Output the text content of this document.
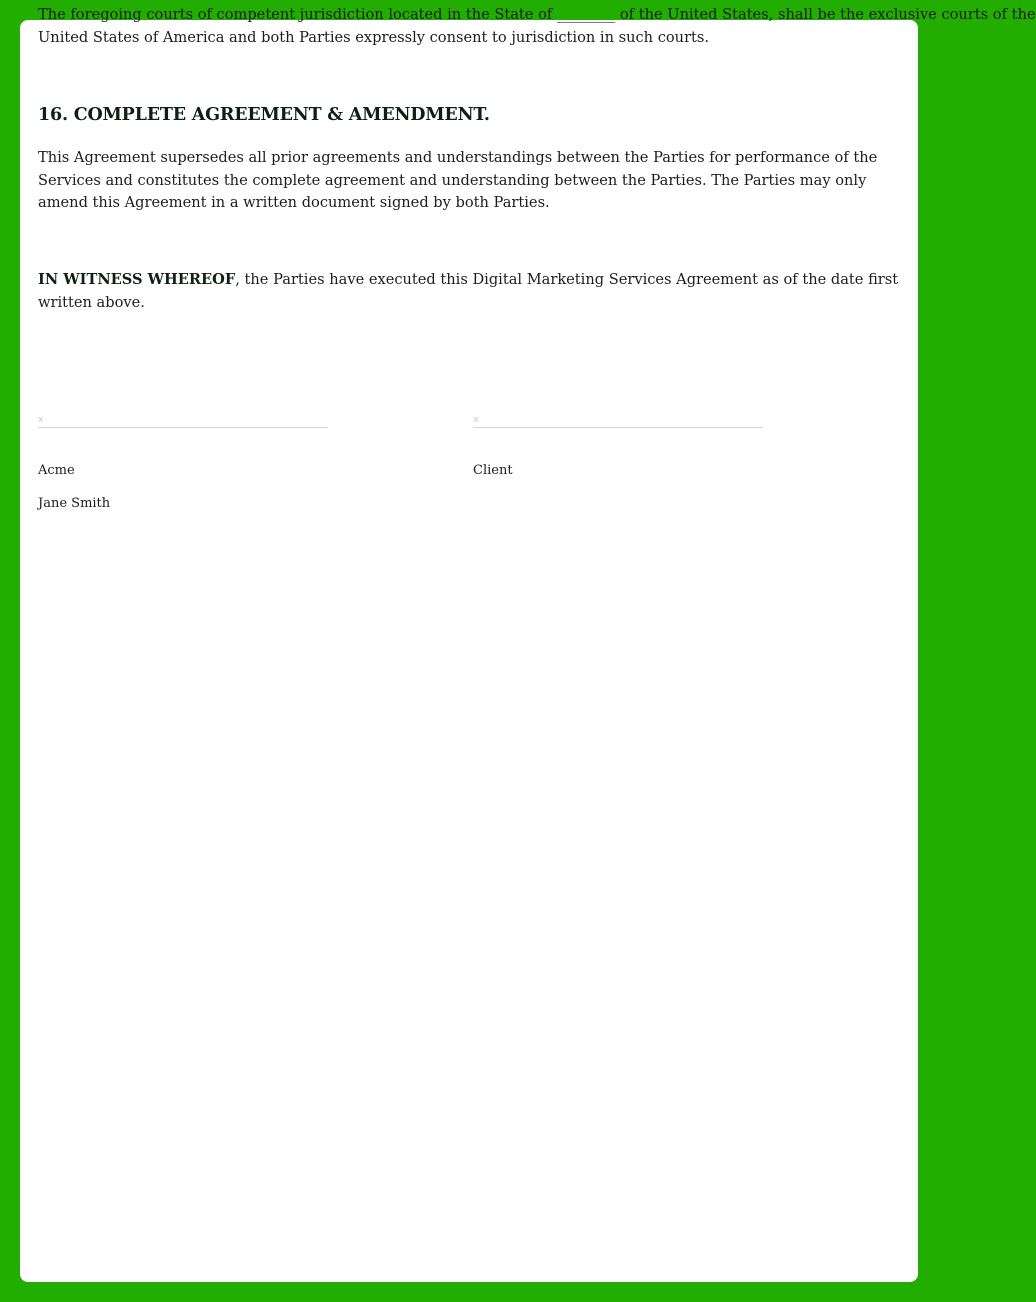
The foregoing courts of competent jurisdiction located in the State of ________ of the United States, shall be the exclusive courts of the

United States of America and both Parties expressly consent to jurisdiction in such courts.

16. COMPLETE AGREEMENT & AMENDMENT.

This Agreement supersedes all prior agreements and understandings between the Parties for performance of the Services and constitutes the complete agreement and understanding between the Parties. The Parties may only amend this Agreement in a written document signed by both Parties.

IN WITNESS WHEREOF, the Parties have executed this Digital Marketing Services Agreement as of the date first written above.

x
Acme
Jane Smith
x
Client
